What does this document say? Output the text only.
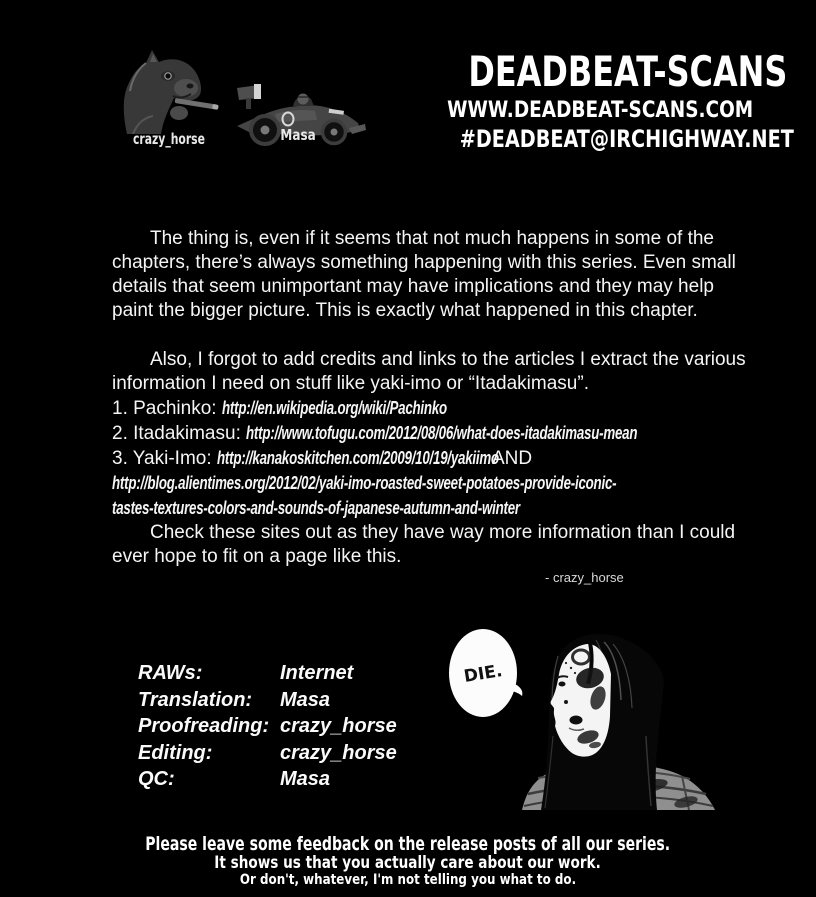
crazy_horse	Masa
DEADBEAT-SCANS
WWW.DEADBEAT-SCANS.COM
#DEADBEAT@IRCHIGHWAY.NET
The thing is, even if it seems that not much happens in some of the
chapters, there’s always something happening with this series. Even small
details that seem unimportant may have implications and they may help
paint the bigger picture. This is exactly what happened in this chapter.
Also, I forgot to add credits and links to the articles I extract the various
information I need on stuff like yaki-imo or “Itadakimasu”.
1. Pachinko: http://en.wikipedia.org/wiki/Pachinko
2. Itadakimasu: http://www.tofugu.com/2012/08/06/what-does-itadakimasu-mean
3. Yaki-Imo: http://kanakoskitchen.com/2009/10/19/yakiimo
AND
http://blog.alientimes.org/2012/02/yaki-imo-roasted-sweet-potatoes-provide-iconic-
tastes-textures-colors-and-sounds-of-japanese-autumn-and-winter
Check these sites out as they have way more information than I could
ever hope to fit on a page like this.
- crazy_horse
RAWs:	Internet
Translation:	Masa
Proofreading: crazy_horse
Editing:	crazy_horse
QC:	Masa
DIE.
Please leave some feedback on the release posts of all our series.
It shows us that you actually care about our work.
Or don't, whatever, I'm not telling you what to do.
